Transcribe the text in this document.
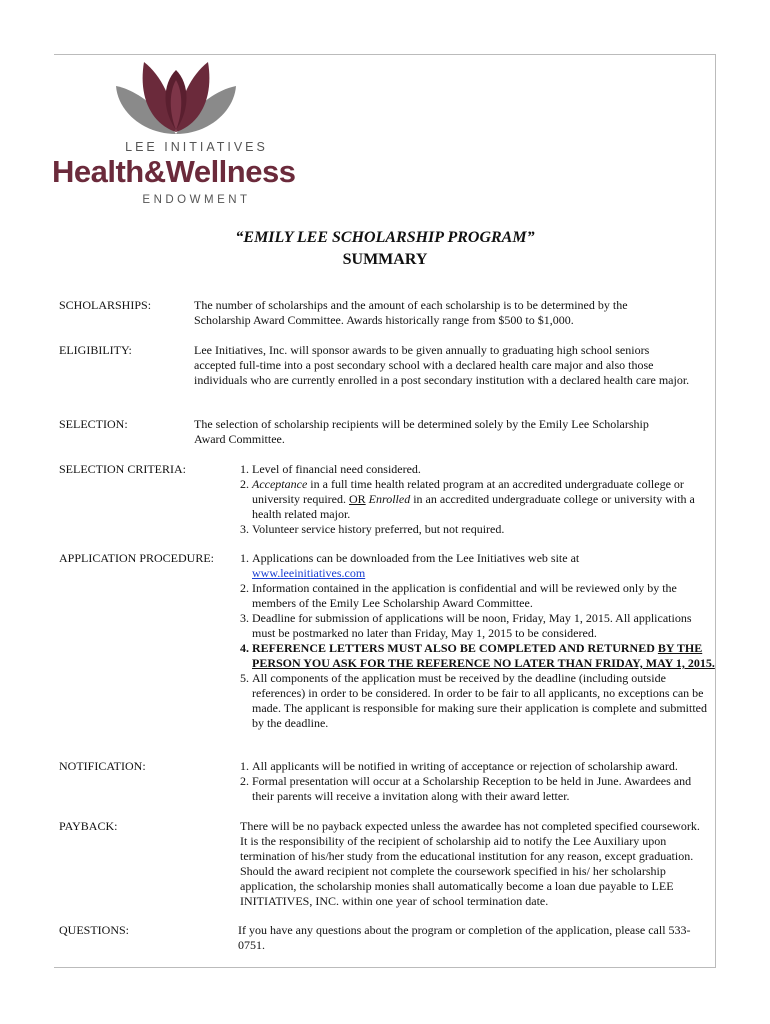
LEE INITIATIVES
Health&Wellness
ENDOWMENT
“EMILY LEE SCHOLARSHIP PROGRAM”
SUMMARY
SCHOLARSHIPS:	The number of scholarships and the amount of each scholarship is to be determined by the Scholarship Award Committee. Awards historically range from $500 to $1,000.
ELIGIBILITY:	Lee Initiatives, Inc. will sponsor awards to be given annually to graduating high school seniors accepted full-time into a post secondary school with a declared health care major and also those individuals who are currently enrolled in a post secondary institution with a declared health care major.
SELECTION:	The selection of scholarship recipients will be determined solely by the Emily Lee Scholarship Award Committee.
SELECTION CRITERIA:	1. Level of financial need considered.
2. Acceptance in a full time health related program at an accredited undergraduate college or university required. OR Enrolled in an accredited undergraduate college or university with a health related major.
3. Volunteer service history preferred, but not required.
APPLICATION PROCEDURE: 1. Applications can be downloaded from the Lee Initiatives web site at
www.leeinitiatives.com
2. Information contained in the application is confidential and will be reviewed only by the members of the Emily Lee Scholarship Award Committee.
3. Deadline for submission of applications will be noon, Friday, May 1, 2015. All applications must be postmarked no later than Friday, May 1, 2015 to be considered.
4. REFERENCE LETTERS MUST ALSO BE COMPLETED AND RETURNED BY THE PERSON YOU ASK FOR THE REFERENCE NO LATER THAN FRIDAY, MAY 1, 2015.
5. All components of the application must be received by the deadline (including outside references) in order to be considered. In order to be fair to all applicants, no exceptions can be made. The applicant is responsible for making sure their application is complete and submitted by the deadline.
NOTIFICATION:	1. All applicants will be notified in writing of acceptance or rejection of scholarship award.
2. Formal presentation will occur at a Scholarship Reception to be held in June. Awardees and their parents will receive a invitation along with their award letter.
PAYBACK:	There will be no payback expected unless the awardee has not completed specified coursework. It is the responsibility of the recipient of scholarship aid to notify the Lee Auxiliary upon termination of his/her study from the educational institution for any reason, except graduation. Should the award recipient not complete the coursework specified in his/ her scholarship application, the scholarship monies shall automatically become a loan due payable to LEE INITIATIVES, INC. within one year of school termination date.
QUESTIONS:	If you have any questions about the program or completion of the application, please call 533-0751.
